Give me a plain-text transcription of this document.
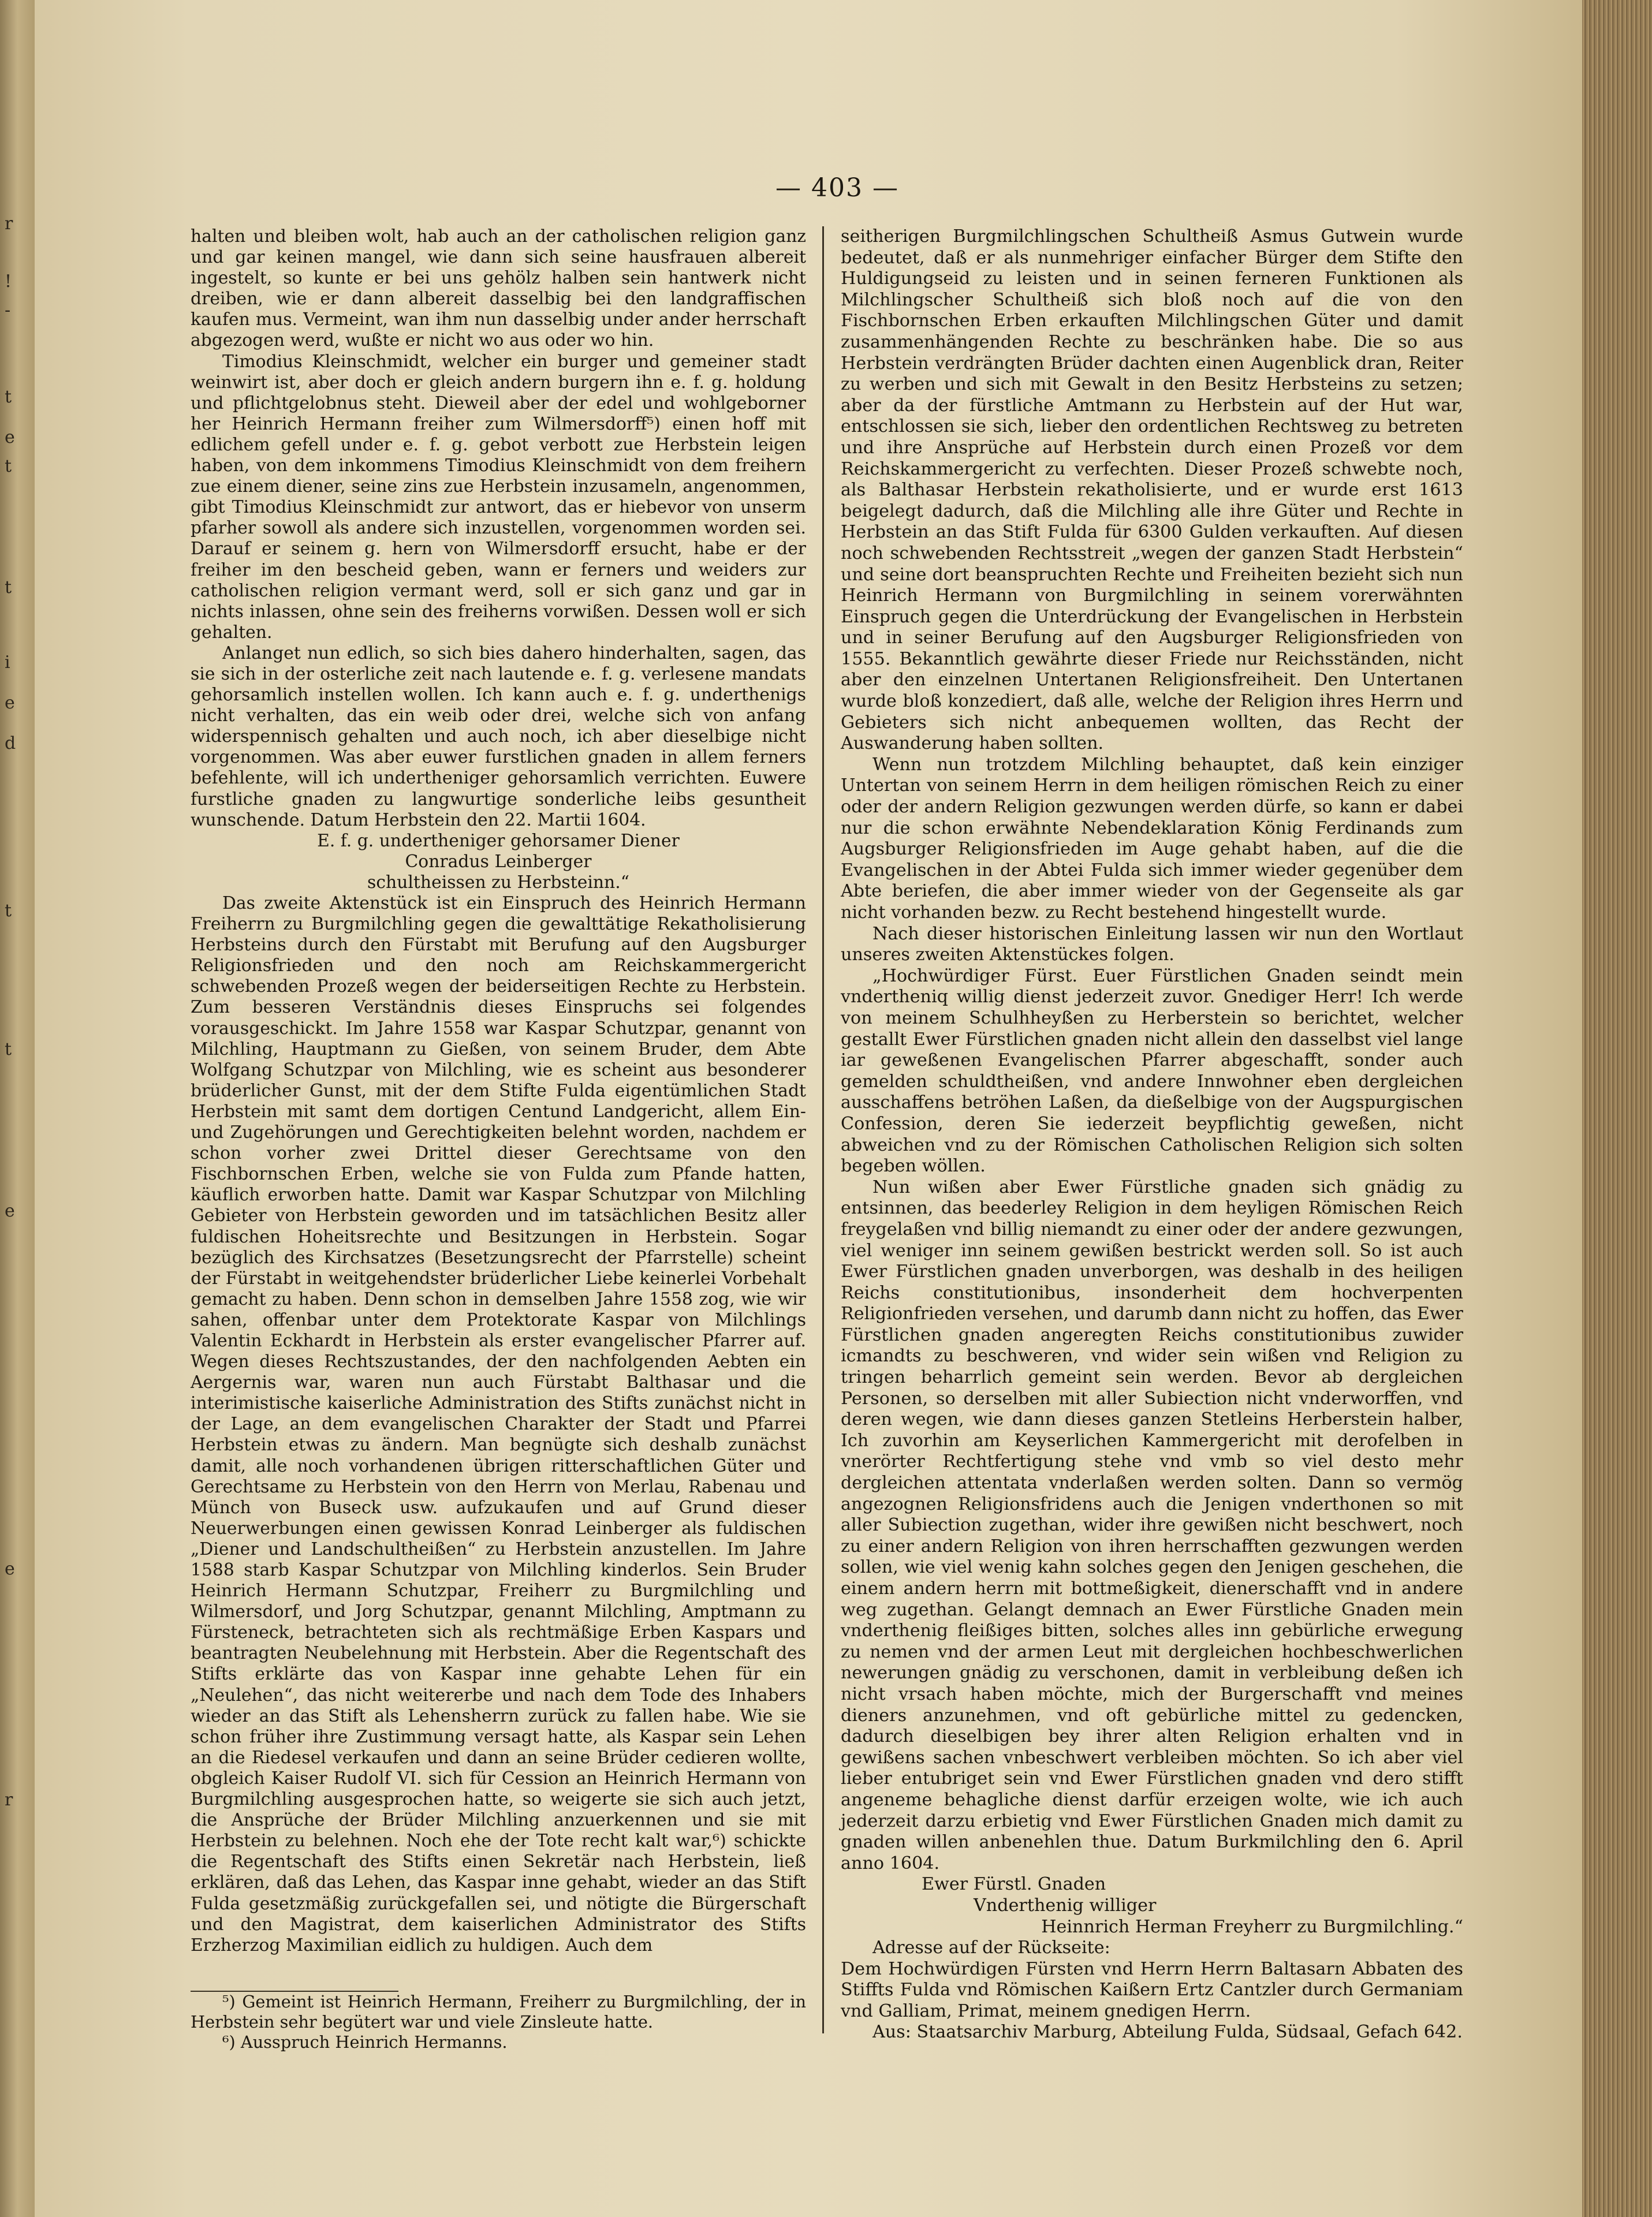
r
!
-
t
e
t
t
i
e
d
t
t
e
e
r
— 403 —

halten und bleiben wolt, hab auch an der catholischen religion ganz und gar keinen mangel, wie dann sich seine hausfrauen albereit ingestelt, so kunte er bei uns gehölz halben sein hantwerk nicht dreiben, wie er dann albereit dasselbig bei den landgraffischen kaufen mus. Vermeint, wan ihm nun dasselbig under ander herrschaft abgezogen werd, wußte er nicht wo aus oder wo hin.

Timodius Kleinschmidt, welcher ein burger und gemeiner stadt weinwirt ist, aber doch er gleich andern burgern ihn e. f. g. holdung und pflichtgelobnus steht. Dieweil aber der edel und wohlgeborner her Heinrich Hermann freiher zum Wilmersdorff⁵) einen hoff mit edlichem gefell under e. f. g. gebot verbott zue Herbstein leigen haben, von dem inkommens Timodius Kleinschmidt von dem freihern zue einem diener, seine zins zue Herbstein inzusameln, angenommen, gibt Timodius Kleinschmidt zur antwort, das er hiebevor von unserm pfarher sowoll als andere sich inzustellen, vorgenommen worden sei. Darauf er seinem g. hern von Wilmersdorff ersucht, habe er der freiher im den bescheid geben, wann er ferners und weiders zur catholischen religion vermant werd, soll er sich ganz und gar in nichts inlassen, ohne sein des freiherns vorwißen. Dessen woll er sich gehalten.

Anlanget nun edlich, so sich bies dahero hinderhalten, sagen, das sie sich in der osterliche zeit nach lautende e. f. g. verlesene mandats gehorsamlich instellen wollen. Ich kann auch e. f. g. underthenigs nicht verhalten, das ein weib oder drei, welche sich von anfang widerspennisch gehalten und auch noch, ich aber dieselbige nicht vorgenommen. Was aber euwer furstlichen gnaden in allem ferners befehlente, will ich undertheniger gehorsamlich verrichten. Euwere furstliche gnaden zu langwurtige sonderliche leibs gesuntheit wunschende. Datum Herbstein den 22. Martii 1604.

E. f. g. undertheniger gehorsamer Diener

Conradus Leinberger

schultheissen zu Herbsteinn.“

Das zweite Aktenstück ist ein Einspruch des Heinrich Hermann Freiherrn zu Burgmilchling gegen die gewalttätige Rekatholisierung Herbsteins durch den Fürstabt mit Berufung auf den Augsburger Religionsfrieden und den noch am Reichskammergericht schwebenden Prozeß wegen der beiderseitigen Rechte zu Herbstein. Zum besseren Verständnis dieses Einspruchs sei folgendes vorausgeschickt. Im Jahre 1558 war Kaspar Schutzpar, genannt von Milchling, Hauptmann zu Gießen, von seinem Bruder, dem Abte Wolfgang Schutzpar von Milchling, wie es scheint aus besonderer brüderlicher Gunst, mit der dem Stifte Fulda eigentümlichen Stadt Herbstein mit samt dem dortigen Centund Landgericht, allem Ein- und Zugehörungen und Gerechtigkeiten belehnt worden, nachdem er schon vorher zwei Drittel dieser Gerechtsame von den Fischbornschen Erben, welche sie von Fulda zum Pfande hatten, käuflich erworben hatte. Damit war Kaspar Schutzpar von Milchling Gebieter von Herbstein geworden und im tatsächlichen Besitz aller fuldischen Hoheitsrechte und Besitzungen in Herbstein. Sogar bezüglich des Kirchsatzes (Besetzungsrecht der Pfarrstelle) scheint der Fürstabt in weitgehendster brüderlicher Liebe keinerlei Vorbehalt gemacht zu haben. Denn schon in demselben Jahre 1558 zog, wie wir sahen, offenbar unter dem Protektorate Kaspar von Milchlings Valentin Eckhardt in Herbstein als erster evangelischer Pfarrer auf. Wegen dieses Rechtszustandes, der den nachfolgenden Aebten ein Aergernis war, waren nun auch Fürstabt Balthasar und die interimistische kaiserliche Administration des Stifts zunächst nicht in der Lage, an dem evangelischen Charakter der Stadt und Pfarrei Herbstein etwas zu ändern. Man begnügte sich deshalb zunächst damit, alle noch vorhandenen übrigen ritterschaftlichen Güter und Gerechtsame zu Herbstein von den Herrn von Merlau, Rabenau und Münch von Buseck usw. aufzukaufen und auf Grund dieser Neuerwerbungen einen gewissen Konrad Leinberger als fuldischen „Diener und Landschultheißen“ zu Herbstein anzustellen. Im Jahre 1588 starb Kaspar Schutzpar von Milchling kinderlos. Sein Bruder Heinrich Hermann Schutzpar, Freiherr zu Burgmilchling und Wilmersdorf, und Jorg Schutzpar, genannt Milchling, Amptmann zu Fürsteneck, betrachteten sich als rechtmäßige Erben Kaspars und beantragten Neubelehnung mit Herbstein. Aber die Regentschaft des Stifts erklärte das von Kaspar inne gehabte Lehen für ein „Neulehen“, das nicht weitererbe und nach dem Tode des Inhabers wieder an das Stift als Lehensherrn zurück zu fallen habe. Wie sie schon früher ihre Zustimmung versagt hatte, als Kaspar sein Lehen an die Riedesel verkaufen und dann an seine Brüder cedieren wollte, obgleich Kaiser Rudolf VI. sich für Cession an Heinrich Hermann von Burgmilchling ausgesprochen hatte, so weigerte sie sich auch jetzt, die Ansprüche der Brüder Milchling anzuerkennen und sie mit Herbstein zu belehnen. Noch ehe der Tote recht kalt war,⁶) schickte die Regentschaft des Stifts einen Sekretär nach Herbstein, ließ erklären, daß das Lehen, das Kaspar inne gehabt, wieder an das Stift Fulda gesetzmäßig zurückgefallen sei, und nötigte die Bürgerschaft und den Magistrat, dem kaiserlichen Administrator des Stifts Erzherzog Maximilian eidlich zu huldigen. Auch dem

⁵) Gemeint ist Heinrich Hermann, Freiherr zu Burgmilchling, der in Herbstein sehr begütert war und viele Zinsleute hatte.

⁶) Ausspruch Heinrich Hermanns.

seitherigen Burgmilchlingschen Schultheiß Asmus Gutwein wurde bedeutet, daß er als nunmehriger einfacher Bürger dem Stifte den Huldigungseid zu leisten und in seinen ferneren Funktionen als Milchlingscher Schultheiß sich bloß noch auf die von den Fischbornschen Erben erkauften Milchlingschen Güter und damit zusammenhängenden Rechte zu beschränken habe. Die so aus Herbstein verdrängten Brüder dachten einen Augenblick dran, Reiter zu werben und sich mit Gewalt in den Besitz Herbsteins zu setzen; aber da der fürstliche Amtmann zu Herbstein auf der Hut war, entschlossen sie sich, lieber den ordentlichen Rechtsweg zu betreten und ihre Ansprüche auf Herbstein durch einen Prozeß vor dem Reichskammergericht zu verfechten. Dieser Prozeß schwebte noch, als Balthasar Herbstein rekatholisierte, und er wurde erst 1613 beigelegt dadurch, daß die Milchling alle ihre Güter und Rechte in Herbstein an das Stift Fulda für 6300 Gulden verkauften. Auf diesen noch schwebenden Rechtsstreit „wegen der ganzen Stadt Herbstein“ und seine dort beanspruchten Rechte und Freiheiten bezieht sich nun Heinrich Hermann von Burgmilchling in seinem vorerwähnten Einspruch gegen die Unterdrückung der Evangelischen in Herbstein und in seiner Berufung auf den Augsburger Religionsfrieden von 1555. Bekanntlich gewährte dieser Friede nur Reichsständen, nicht aber den einzelnen Untertanen Religionsfreiheit. Den Untertanen wurde bloß konzediert, daß alle, welche der Religion ihres Herrn und Gebieters sich nicht anbequemen wollten, das Recht der Auswanderung haben sollten.

Wenn nun trotzdem Milchling behauptet, daß kein einziger Untertan von seinem Herrn in dem heiligen römischen Reich zu einer oder der andern Religion gezwungen werden dürfe, so kann er dabei nur die schon erwähnte Nebendeklaration König Ferdinands zum Augsburger Religionsfrieden im Auge gehabt haben, auf die die Evangelischen in der Abtei Fulda sich immer wieder gegenüber dem Abte beriefen, die aber immer wieder von der Gegenseite als gar nicht vorhanden bezw. zu Recht bestehend hingestellt wurde.

Nach dieser historischen Einleitung lassen wir nun den Wortlaut unseres zweiten Aktenstückes folgen.

„Hochwürdiger Fürst. Euer Fürstlichen Gnaden seindt mein vndertheniq willig dienst jederzeit zuvor. Gnediger Herr! Ich werde von meinem Schulhheyßen zu Herberstein so berichtet, welcher gestallt Ewer Fürstlichen gnaden nicht allein den dasselbst viel lange iar geweßenen Evangelischen Pfarrer abgeschafft, sonder auch gemelden schuldtheißen, vnd andere Innwohner eben dergleichen ausschaffens betröhen Laßen, da dießelbige von der Augspurgischen Confession, deren Sie iederzeit beypflichtig geweßen, nicht abweichen vnd zu der Römischen Catholischen Religion sich solten begeben wöllen.

Nun wißen aber Ewer Fürstliche gnaden sich gnädig zu entsinnen, das beederley Religion in dem heyligen Römischen Reich freygelaßen vnd billig niemandt zu einer oder der andere gezwungen, viel weniger inn seinem gewißen bestrickt werden soll. So ist auch Ewer Fürstlichen gnaden unverborgen, was deshalb in des heiligen Reichs constitutionibus, insonderheit dem hochverpenten Religionfrieden versehen, und darumb dann nicht zu hoffen, das Ewer Fürstlichen gnaden angeregten Reichs constitutionibus zuwider icmandts zu beschweren, vnd wider sein wißen vnd Religion zu tringen beharrlich gemeint sein werden. Bevor ab dergleichen Personen, so derselben mit aller Subiection nicht vnderworffen, vnd deren wegen, wie dann dieses ganzen Stetleins Herberstein halber, Ich zuvorhin am Keyserlichen Kammergericht mit derofelben in vnerörter Rechtfertigung stehe vnd vmb so viel desto mehr dergleichen attentata vnderlaßen werden solten. Dann so vermög angezognen Religionsfridens auch die Jenigen vnderthonen so mit aller Subiection zugethan, wider ihre gewißen nicht beschwert, noch zu einer andern Religion von ihren herrschafften gezwungen werden sollen, wie viel wenig kahn solches gegen den Jenigen geschehen, die einem andern herrn mit bottmeßigkeit, dienerschafft vnd in andere weg zugethan. Gelangt demnach an Ewer Fürstliche Gnaden mein vnderthenig fleißiges bitten, solches alles inn gebürliche erwegung zu nemen vnd der armen Leut mit dergleichen hochbeschwerlichen newerungen gnädig zu verschonen, damit in verbleibung deßen ich nicht vrsach haben möchte, mich der Burgerschafft vnd meines dieners anzunehmen, vnd oft gebürliche mittel zu gedencken, dadurch dieselbigen bey ihrer alten Religion erhalten vnd in gewißens sachen vnbeschwert verbleiben möchten. So ich aber viel lieber entubriget sein vnd Ewer Fürstlichen gnaden vnd dero stifft angeneme behagliche dienst darfür erzeigen wolte, wie ich auch jederzeit darzu erbietig vnd Ewer Fürstlichen Gnaden mich damit zu gnaden willen anbenehlen thue. Datum Burkmilchling den 6. April anno 1604.

Ewer Fürstl. Gnaden

Vnderthenig williger

Heinnrich Herman Freyherr zu Burgmilchling.“

Adresse auf der Rückseite:

Dem Hochwürdigen Fürsten vnd Herrn Herrn Baltasarn Abbaten des Stiffts Fulda vnd Römischen Kaißern Ertz Cantzler durch Germaniam vnd Galliam, Primat, meinem gnedigen Herrn.

Aus: Staatsarchiv Marburg, Abteilung Fulda, Südsaal, Gefach 642.
